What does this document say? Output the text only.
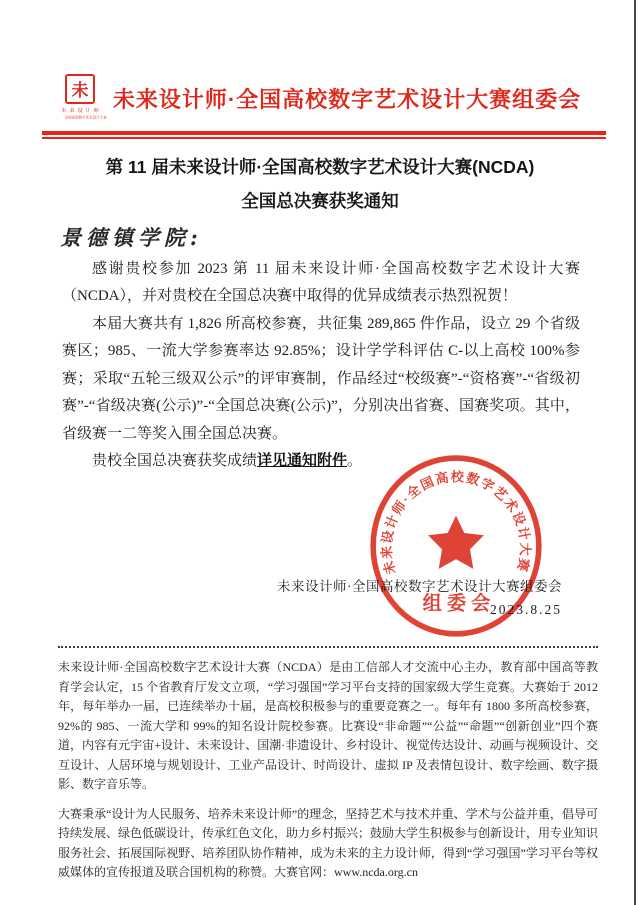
未
未 来 设 计 师
全国高校数字艺术设计大赛
未来设计师·全国高校数字艺术设计大赛组委会
第 11 届未来设计师·全国高校数字艺术设计大赛(NCDA)
全国总决赛获奖通知
景德镇学院:

感谢贵校参加 2023 第 11 届未来设计师·全国高校数字艺术设计大赛（NCDA），并对贵校在全国总决赛中取得的优异成绩表示热烈祝贺！

本届大赛共有 1,826 所高校参赛，共征集 289,865 件作品，设立 29 个省级赛区；985、一流大学参赛率达 92.85%；设计学学科评估 C-以上高校 100%参赛；采取“五轮三级双公示”的评审赛制，作品经过“校级赛”-“资格赛”-“省级初赛”-“省级决赛(公示)”-“全国总决赛(公示)”，分别决出省赛、国赛奖项。其中，省级赛一二等奖入围全国总决赛。

贵校全国总决赛获奖成绩详见通知附件。

未来设计师·全国高校数字艺术设计大赛组委会
2023.8.25
未来设计师·全国高校数字艺术设计大赛
组委会

未来设计师·全国高校数字艺术设计大赛（NCDA）是由工信部人才交流中心主办，教育部中国高等教育学会认定，15 个省教育厅发文立项，“学习强国”学习平台支持的国家级大学生竞赛。大赛始于 2012 年，每年举办一届，已连续举办十届，是高校积极参与的重要竞赛之一。每年有 1800 多所高校参赛，92%的 985、一流大学和 99%的知名设计院校参赛。比赛设“非命题”“公益”“命题”“创新创业”四个赛道，内容有元宇宙+设计、未来设计、国潮·非遗设计、乡村设计、视觉传达设计、动画与视频设计、交互设计、人居环境与规划设计、工业产品设计、时尚设计、虚拟 IP 及表情包设计、数字绘画、数字摄影、数字音乐等。

大赛秉承“设计为人民服务、培养未来设计师”的理念，坚持艺术与技术并重、学术与公益并重，倡导可持续发展、绿色低碳设计，传承红色文化，助力乡村振兴；鼓励大学生积极参与创新设计，用专业知识服务社会、拓展国际视野、培养团队协作精神，成为未来的主力设计师，得到“学习强国”学习平台等权威媒体的宣传报道及联合国机构的称赞。大赛官网：www.ncda.org.cn
